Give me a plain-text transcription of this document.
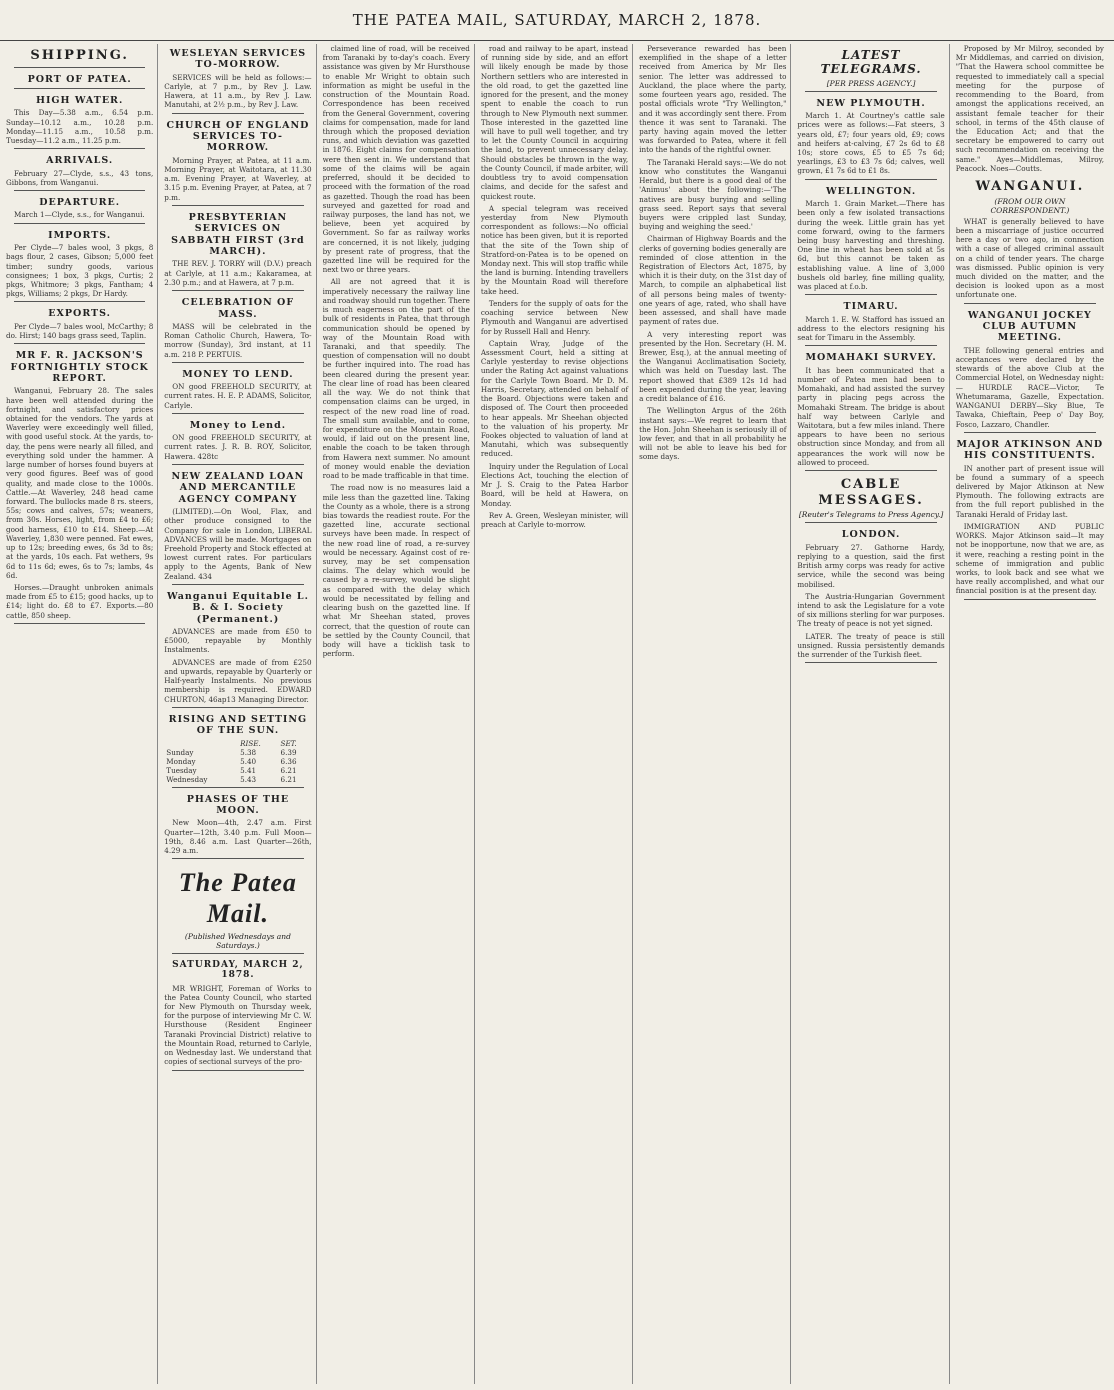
THE PATEA MAIL, SATURDAY, MARCH 2, 1878.
SHIPPING.
PORT OF PATEA.
HIGH WATER.

This Day—5.38 a.m., 6.54 p.m. Sunday—10.12 a.m., 10.28 p.m. Monday—11.15 a.m., 10.58 p.m. Tuesday—11.2 a.m., 11.25 p.m.

ARRIVALS.

February 27—Clyde, s.s., 43 tons, Gibbons, from Wanganui.

DEPARTURE.

March 1—Clyde, s.s., for Wanganui.

IMPORTS.

Per Clyde—7 bales wool, 3 pkgs, 8 bags flour, 2 cases, Gibson; 5,000 feet timber; sundry goods, various consignees; 1 box, 3 pkgs, Curtis; 2 pkgs, Whitmore; 3 pkgs, Fantham; 4 pkgs, Williams; 2 pkgs, Dr Hardy.

EXPORTS.

Per Clyde—7 bales wool, McCarthy; 8 do. Hirst; 140 bags grass seed, Taplin.

MR F. R. JACKSON'S FORTNIGHTLY STOCK REPORT.

Wanganui, February 28. The sales have been well attended during the fortnight, and satisfactory prices obtained for the vendors. The yards at Waverley were exceedingly well filled, with good useful stock. At the yards, to-day, the pens were nearly all filled, and everything sold under the hammer. A large number of horses found buyers at very good figures. Beef was of good quality, and made close to the 1000s. Cattle.—At Waverley, 248 head came forward. The bullocks made 8 rs. steers, 55s; cows and calves, 57s; weaners, from 30s. Horses, light, from £4 to £6; good harness, £10 to £14. Sheep.—At Waverley, 1,830 were penned. Fat ewes, up to 12s; breeding ewes, 6s 3d to 8s; at the yards, 10s each. Fat wethers, 9s 6d to 11s 6d; ewes, 6s to 7s; lambs, 4s 6d.

Horses.—Draught unbroken animals made from £5 to £15; good hacks, up to £14; light do. £8 to £7. Exports.—80 cattle, 850 sheep.

WESLEYAN SERVICES TO-MORROW.

SERVICES will be held as follows:— Carlyle, at 7 p.m., by Rev J. Law. Hawera, at 11 a.m., by Rev J. Law. Manutahi, at 2½ p.m., by Rev J. Law.

CHURCH OF ENGLAND SERVICES TO-MORROW.

Morning Prayer, at Patea, at 11 a.m. Morning Prayer, at Waitotara, at 11.30 a.m. Evening Prayer, at Waverley, at 3.15 p.m. Evening Prayer, at Patea, at 7 p.m.

PRESBYTERIAN SERVICES ON SABBATH FIRST (3rd MARCH).

THE REV. J. TORRY will (D.V.) preach at Carlyle, at 11 a.m.; Kakaramea, at 2.30 p.m.; and at Hawera, at 7 p.m.

CELEBRATION OF MASS.

MASS will be celebrated in the Roman Catholic Church, Hawera, To-morrow (Sunday), 3rd instant, at 11 a.m. 218 P. PERTUIS.

MONEY TO LEND.

ON good FREEHOLD SECURITY, at current rates. H. E. P. ADAMS, Solicitor, Carlyle.

Money to Lend.

ON good FREEHOLD SECURITY, at current rates. J. R. B. ROY, Solicitor, Hawera. 428tc

NEW ZEALAND LOAN AND MERCANTILE AGENCY COMPANY

(LIMITED).—On Wool, Flax, and other produce consigned to the Company for sale in London, LIBERAL ADVANCES will be made. Mortgages on Freehold Property and Stock effected at lowest current rates. For particulars apply to the Agents, Bank of New Zealand. 434

Wanganui Equitable L. B. & I. Society (Permanent.)

ADVANCES are made from £50 to £5000, repayable by Monthly Instalments.

ADVANCES are made of from £250 and upwards, repayable by Quarterly or Half-yearly Instalments. No previous membership is required. EDWARD CHURTON, 46ap13 Managing Director.

RISING AND SETTING OF THE SUN.
	RISE.	SET.
Sunday	5.38	6.39
Monday	5.40	6.36
Tuesday	5.41	6.21
Wednesday	5.43	6.21
PHASES OF THE MOON.

New Moon—4th, 2.47 a.m. First Quarter—12th, 3.40 p.m. Full Moon—19th, 8.46 a.m. Last Quarter—26th, 4.29 a.m.

The Patea Mail.
(Published Wednesdays and Saturdays.)
SATURDAY, MARCH 2, 1878.

MR WRIGHT, Foreman of Works to the Patea County Council, who started for New Plymouth on Thursday week, for the purpose of interviewing Mr C. W. Hursthouse (Resident Engineer Taranaki Provincial District) relative to the Mountain Road, returned to Carlyle, on Wednesday last. We understand that copies of sectional surveys of the pro-

claimed line of road, will be received from Taranaki by to-day's coach. Every assistance was given by Mr Hursthouse to enable Mr Wright to obtain such information as might be useful in the construction of the Mountain Road. Correspondence has been received from the General Government, covering claims for compensation, made for land through which the proposed deviation runs, and which deviation was gazetted in 1876. Eight claims for compensation were then sent in. We understand that some of the claims will be again preferred, should it be decided to proceed with the formation of the road as gazetted. Though the road has been surveyed and gazetted for road and railway purposes, the land has not, we believe, been yet acquired by Government. So far as railway works are concerned, it is not likely, judging by present rate of progress, that the gazetted line will be required for the next two or three years.

All are not agreed that it is imperatively necessary the railway line and roadway should run together. There is much eagerness on the part of the bulk of residents in Patea, that through communication should be opened by way of the Mountain Road with Taranaki, and that speedily. The question of compensation will no doubt be further inquired into. The road has been cleared during the present year. The clear line of road has been cleared all the way. We do not think that compensation claims can be urged, in respect of the new road line of road. The small sum available, and to come, for expenditure on the Mountain Road, would, if laid out on the present line, enable the coach to be taken through from Hawera next summer. No amount of money would enable the deviation road to be made trafficable in that time.

The road now is no measures laid a mile less than the gazetted line. Taking the County as a whole, there is a strong bias towards the readiest route. For the gazetted line, accurate sectional surveys have been made. In respect of the new road line of road, a re-survey would be necessary. Against cost of re-survey, may be set compensation claims. The delay which would be caused by a re-survey, would be slight as compared with the delay which would be necessitated by felling and clearing bush on the gazetted line. If what Mr Sheehan stated, proves correct, that the question of route can be settled by the County Council, that body will have a ticklish task to perform.

road and railway to be apart, instead of running side by side, and an effort will likely enough be made by those Northern settlers who are interested in the old road, to get the gazetted line ignored for the present, and the money spent to enable the coach to run through to New Plymouth next summer. Those interested in the gazetted line will have to pull well together, and try to let the County Council in acquiring the land, to prevent unnecessary delay. Should obstacles be thrown in the way, the County Council, if made arbiter, will doubtless try to avoid compensation claims, and decide for the safest and quickest route.

A special telegram was received yesterday from New Plymouth correspondent as follows:—No official notice has been given, but it is reported that the site of the Town ship of Stratford-on-Patea is to be opened on Monday next. This will stop traffic while the land is burning. Intending travellers by the Mountain Road will therefore take heed.

Tenders for the supply of oats for the coaching service between New Plymouth and Wanganui are advertised for by Russell Hall and Henry.

Captain Wray, Judge of the Assessment Court, held a sitting at Carlyle yesterday to revise objections under the Rating Act against valuations for the Carlyle Town Board. Mr D. M. Harris, Secretary, attended on behalf of the Board. Objections were taken and disposed of. The Court then proceeded to hear appeals. Mr Sheehan objected to the valuation of his property. Mr Fookes objected to valuation of land at Manutahi, which was subsequently reduced.

Inquiry under the Regulation of Local Elections Act, touching the election of Mr J. S. Craig to the Patea Harbor Board, will be held at Hawera, on Monday.

Rev A. Green, Wesleyan minister, will preach at Carlyle to-morrow.

Perseverance rewarded has been exemplified in the shape of a letter received from America by Mr Iles senior. The letter was addressed to Auckland, the place where the party, some fourteen years ago, resided. The postal officials wrote "Try Wellington," and it was accordingly sent there. From thence it was sent to Taranaki. The party having again moved the letter was forwarded to Patea, where it fell into the hands of the rightful owner.

The Taranaki Herald says:—We do not know who constitutes the Wanganui Herald, but there is a good deal of the 'Animus' about the following:—'The natives are busy burying and selling grass seed. Report says that several buyers were crippled last Sunday, buying and weighing the seed.'

Chairman of Highway Boards and the clerks of governing bodies generally are reminded of close attention in the Registration of Electors Act, 1875, by which it is their duty, on the 31st day of March, to compile an alphabetical list of all persons being males of twenty-one years of age, rated, who shall have been assessed, and shall have made payment of rates due.

A very interesting report was presented by the Hon. Secretary (H. M. Brewer, Esq.), at the annual meeting of the Wanganui Acclimatisation Society, which was held on Tuesday last. The report showed that £389 12s 1d had been expended during the year, leaving a credit balance of £16.

The Wellington Argus of the 26th instant says:—We regret to learn that the Hon. John Sheehan is seriously ill of low fever, and that in all probability he will not be able to leave his bed for some days.

LATEST TELEGRAMS.
[PER PRESS AGENCY.]
NEW PLYMOUTH.

March 1. At Courtney's cattle sale prices were as follows:—Fat steers, 3 years old, £7; four years old, £9; cows and heifers at-calving, £7 2s 6d to £8 10s; store cows, £5 to £5 7s 6d; yearlings, £3 to £3 7s 6d; calves, well grown, £1 7s 6d to £1 8s.

WELLINGTON.

March 1. Grain Market.—There has been only a few isolated transactions during the week. Little grain has yet come forward, owing to the farmers being busy harvesting and threshing. One line in wheat has been sold at 5s 6d, but this cannot be taken as establishing value. A line of 3,000 bushels old barley, fine milling quality, was placed at f.o.b.

TIMARU.

March 1. E. W. Stafford has issued an address to the electors resigning his seat for Timaru in the Assembly.

MOMAHAKI SURVEY.

It has been communicated that a number of Patea men had been to Momahaki, and had assisted the survey party in placing pegs across the Momahaki Stream. The bridge is about half way between Carlyle and Waitotara, but a few miles inland. There appears to have been no serious obstruction since Monday, and from all appearances the work will now be allowed to proceed.

CABLE MESSAGES.
[Reuter's Telegrams to Press Agency.]
LONDON.

February 27. Gathorne Hardy, replying to a question, said the first British army corps was ready for active service, while the second was being mobilised.

The Austria-Hungarian Government intend to ask the Legislature for a vote of six millions sterling for war purposes. The treaty of peace is not yet signed.

LATER. The treaty of peace is still unsigned. Russia persistently demands the surrender of the Turkish fleet.

Proposed by Mr Milroy, seconded by Mr Middlemas, and carried on division, "That the Hawera school committee be requested to immediately call a special meeting for the purpose of recommending to the Board, from amongst the applications received, an assistant female teacher for their school, in terms of the 45th clause of the Education Act; and that the secretary be empowered to carry out such recommendation on receiving the same." Ayes—Middlemas, Milroy, Peacock. Noes—Coutts.

WANGANUI.
(FROM OUR OWN CORRESPONDENT.)

WHAT is generally believed to have been a miscarriage of justice occurred here a day or two ago, in connection with a case of alleged criminal assault on a child of tender years. The charge was dismissed. Public opinion is very much divided on the matter, and the decision is looked upon as a most unfortunate one.

WANGANUI JOCKEY CLUB AUTUMN MEETING.

THE following general entries and acceptances were declared by the stewards of the above Club at the Commercial Hotel, on Wednesday night:— HURDLE RACE—Victor, Te Whetumarama, Gazelle, Expectation. WANGANUI DERBY—Sky Blue, Te Tawaka, Chieftain, Peep o' Day Boy, Fosco, Lazzaro, Chandler.

MAJOR ATKINSON AND HIS CONSTITUENTS.

IN another part of present issue will be found a summary of a speech delivered by Major Atkinson at New Plymouth. The following extracts are from the full report published in the Taranaki Herald of Friday last.

IMMIGRATION AND PUBLIC WORKS. Major Atkinson said—It may not be inopportune, now that we are, as it were, reaching a resting point in the scheme of immigration and public works, to look back and see what we have really accomplished, and what our financial position is at the present day.
